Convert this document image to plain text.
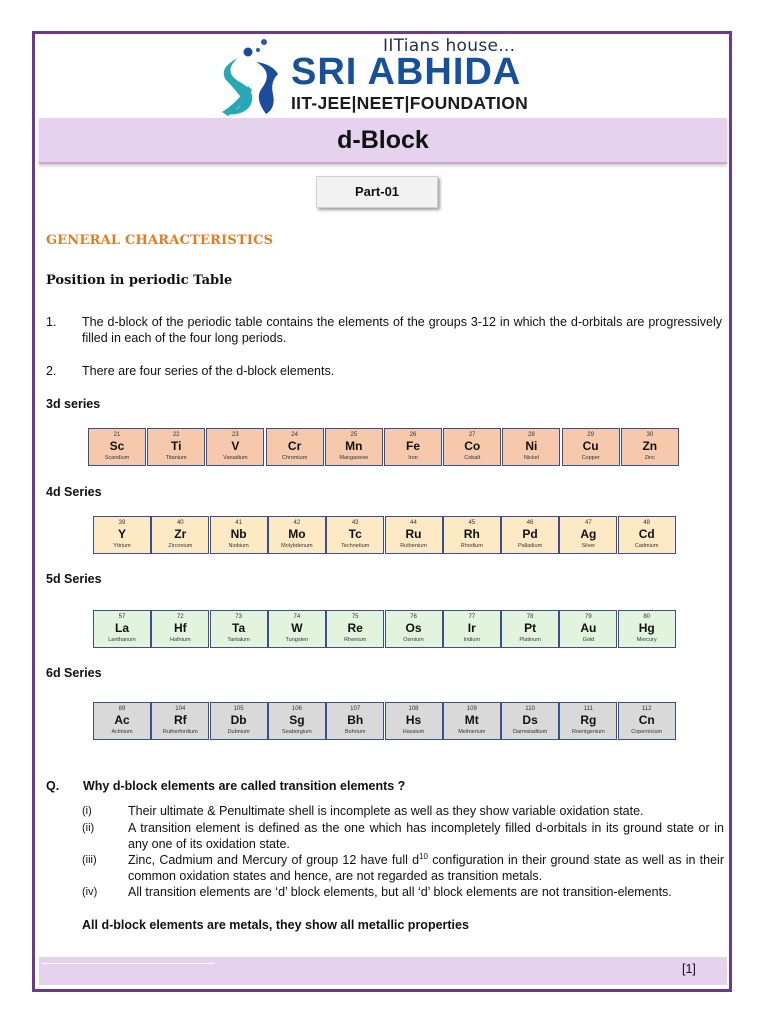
IITians house...
SRI ABHIDA
IIT-JEE|NEET|FOUNDATION
d-Block
Part-01
GENERAL CHARACTERISTICS
Position in periodic Table
1. The d-block of the periodic table contains the elements of the groups 3-12 in which the d-orbitals are progressively filled in each of the four long periods.
2. There are four series of the d-block elements.
3d series
4d Series
5d Series
6d Series
21
Sc
Scandium
22
Ti
Titanium
23
V
Vanadium
24
Cr
Chromium
25
Mn
Manganese
26
Fe
Iron
27
Co
Cobalt
28
Ni
Nickel
29
Cu
Copper
30
Zn
Zinc
39
Y
Yttrium
40
Zr
Zirconium
41
Nb
Niobium
42
Mo
Molybdenum
43
Tc
Technetium
44
Ru
Ruthenium
45
Rh
Rhodium
46
Pd
Palladium
47
Ag
Silver
48
Cd
Cadmium
57
La
Lanthanum
72
Hf
Hafnium
73
Ta
Tantalum
74
W
Tungsten
75
Re
Rhenium
76
Os
Osmium
77
Ir
Iridium
78
Pt
Platinum
79
Au
Gold
80
Hg
Mercury
89
Ac
Actinium
104
Rf
Rutherfordium
105
Db
Dubnium
106
Sg
Seaborgium
107
Bh
Bohrium
108
Hs
Hassium
109
Mt
Meitnerium
110
Ds
Darmstadtium
111
Rg
Roentgenium
112
Cn
Copernicium
Q. Why d-block elements are called transition elements ?
(i)	Their ultimate & Penultimate shell is incomplete as well as they show variable oxidation state.
(ii)	A transition element is defined as the one which has incompletely filled d-orbitals in its ground state or in any one of its oxidation state.
(iii)	Zinc, Cadmium and Mercury of group 12 have full $d^{10}$ configuration in their ground state as well as in their common oxidation states and hence, are not regarded as transition metals.
(iv) All transition elements are ‘d’ block elements, but all ‘d’ block elements are not transition-elements.
All d-block elements are metals, they show all metallic properties
[1]
